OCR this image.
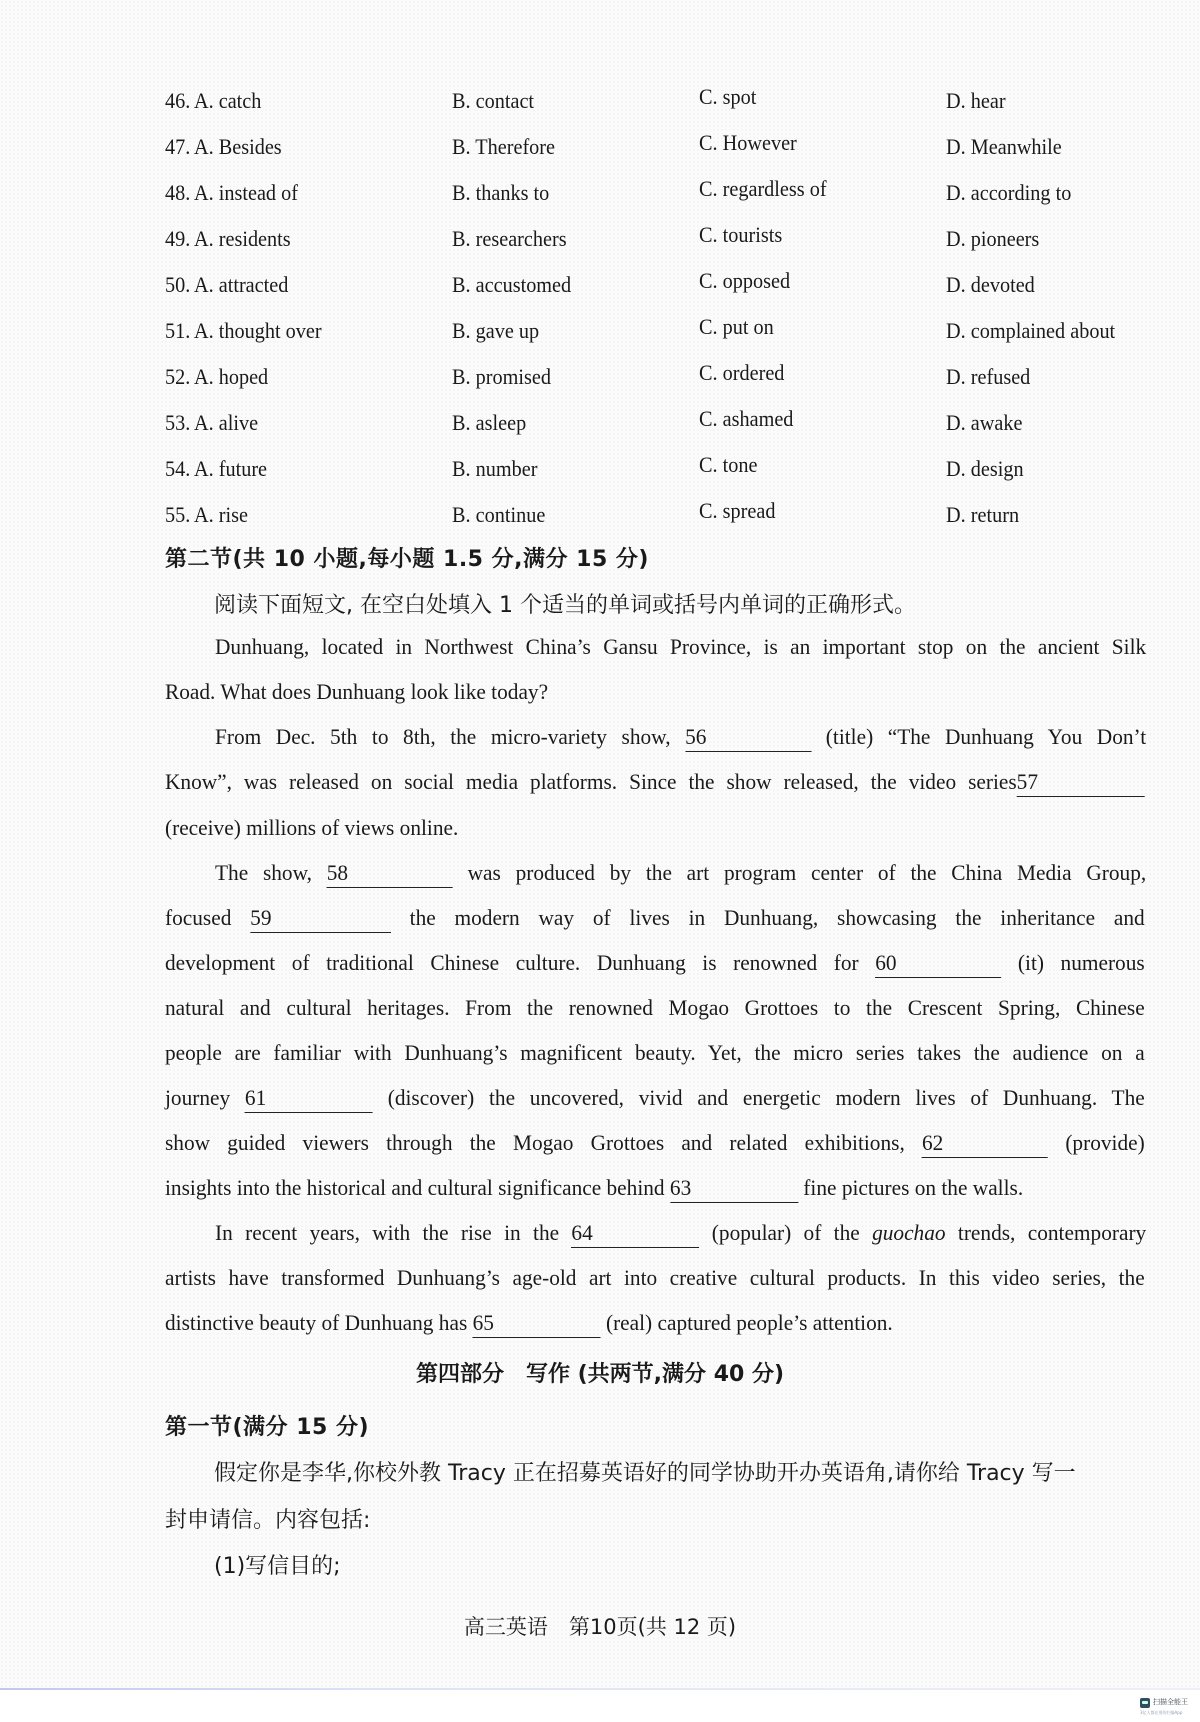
46. A. catch	B. contact	C. spot	D. hear
47. A. Besides	B. Therefore	C. However	D. Meanwhile
48. A. instead of	B. thanks to	C. regardless of	D. according to
49. A. residents	B. researchers	C. tourists	D. pioneers
50. A. attracted	B. accustomed	C. opposed	D. devoted
51. A. thought over	B. gave up	C. put on	D. complained about
52. A. hoped	B. promised	C. ordered	D. refused
53. A. alive	B. asleep	C. ashamed	D. awake
54. A. future	B. number	C. tone	D. design
55. A. rise	B. continue	C. spread	D. return
第二节(共 10 小题,每小题 1.5 分,满分 15 分)
阅读下面短文, 在空白处填入 1 个适当的单词或括号内单词的正确形式。
Dunhuang, located in Northwest China’s Gansu Province, is an important stop on the ancient Silk
Road. What does Dunhuang look like today?
From Dec. 5th to 8th, the micro-variety show, 56	(title) “The Dunhuang You Don’t
Know”, was released on social media platforms. Since the show released, the video series57
(receive) millions of views online.
The show, 58	was produced by the art program center of the China Media Group,
focused 59	the modern way of lives in Dunhuang, showcasing the inheritance and
development of traditional Chinese culture. Dunhuang is renowned for 60	(it) numerous
natural and cultural heritages. From the renowned Mogao Grottoes to the Crescent Spring, Chinese
people are familiar with Dunhuang’s magnificent beauty. Yet, the micro series takes the audience on a
journey 61	(discover) the uncovered, vivid and energetic modern lives of Dunhuang. The
show guided viewers through the Mogao Grottoes and related exhibitions, 62	(provide)
insights into the historical and cultural significance behind 63	fine pictures on the walls.
In recent years, with the rise in the 64	(popular) of the guochao trends, contemporary
artists have transformed Dunhuang’s age-old art into creative cultural products. In this video series, the
distinctive beauty of Dunhuang has 65	(real) captured people’s attention.
第四部分　写作 (共两节,满分 40 分)
第一节(满分 15 分)
假定你是李华,你校外教 Tracy 正在招募英语好的同学协助开办英语角,请你给 Tracy 写一
封申请信。内容包括:
(1)写信目的;
高三英语　第10页(共 12 页)
扫描全能王
3亿人都在用的扫描App
